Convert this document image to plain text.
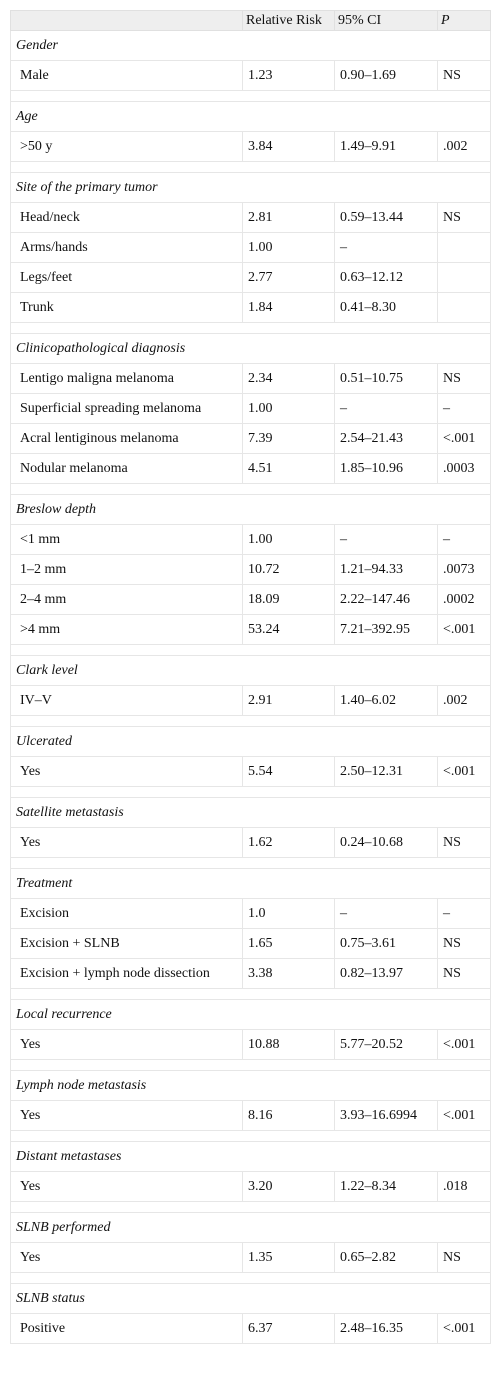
	Relative Risk	95% CI	P
Gender			
Male	1.23	0.90–1.69	NS

Age			
>50 y	3.84	1.49–9.91	.002

Site of the primary tumor			
Head/neck	2.81	0.59–13.44	NS
Arms/hands	1.00	–	
Legs/feet	2.77	0.63–12.12	
Trunk	1.84	0.41–8.30	

Clinicopathological diagnosis			
Lentigo maligna melanoma	2.34	0.51–10.75	NS
Superficial spreading melanoma	1.00	–	–
Acral lentiginous melanoma	7.39	2.54–21.43	<.001
Nodular melanoma	4.51	1.85–10.96	.0003

Breslow depth			
<1 mm	1.00	–	–
1–2 mm	10.72	1.21–94.33	.0073
2–4 mm	18.09	2.22–147.46	.0002
>4 mm	53.24	7.21–392.95	<.001

Clark level			
IV–V	2.91	1.40–6.02	.002

Ulcerated			
Yes	5.54	2.50–12.31	<.001

Satellite metastasis			
Yes	1.62	0.24–10.68	NS

Treatment			
Excision	1.0	–	–
Excision + SLNB	1.65	0.75–3.61	NS
Excision + lymph node dissection	3.38	0.82–13.97	NS

Local recurrence			
Yes	10.88	5.77–20.52	<.001

Lymph node metastasis			
Yes	8.16	3.93–16.6994	<.001

Distant metastases			
Yes	3.20	1.22–8.34	.018

SLNB performed			
Yes	1.35	0.65–2.82	NS

SLNB status			
Positive	6.37	2.48–16.35	<.001
